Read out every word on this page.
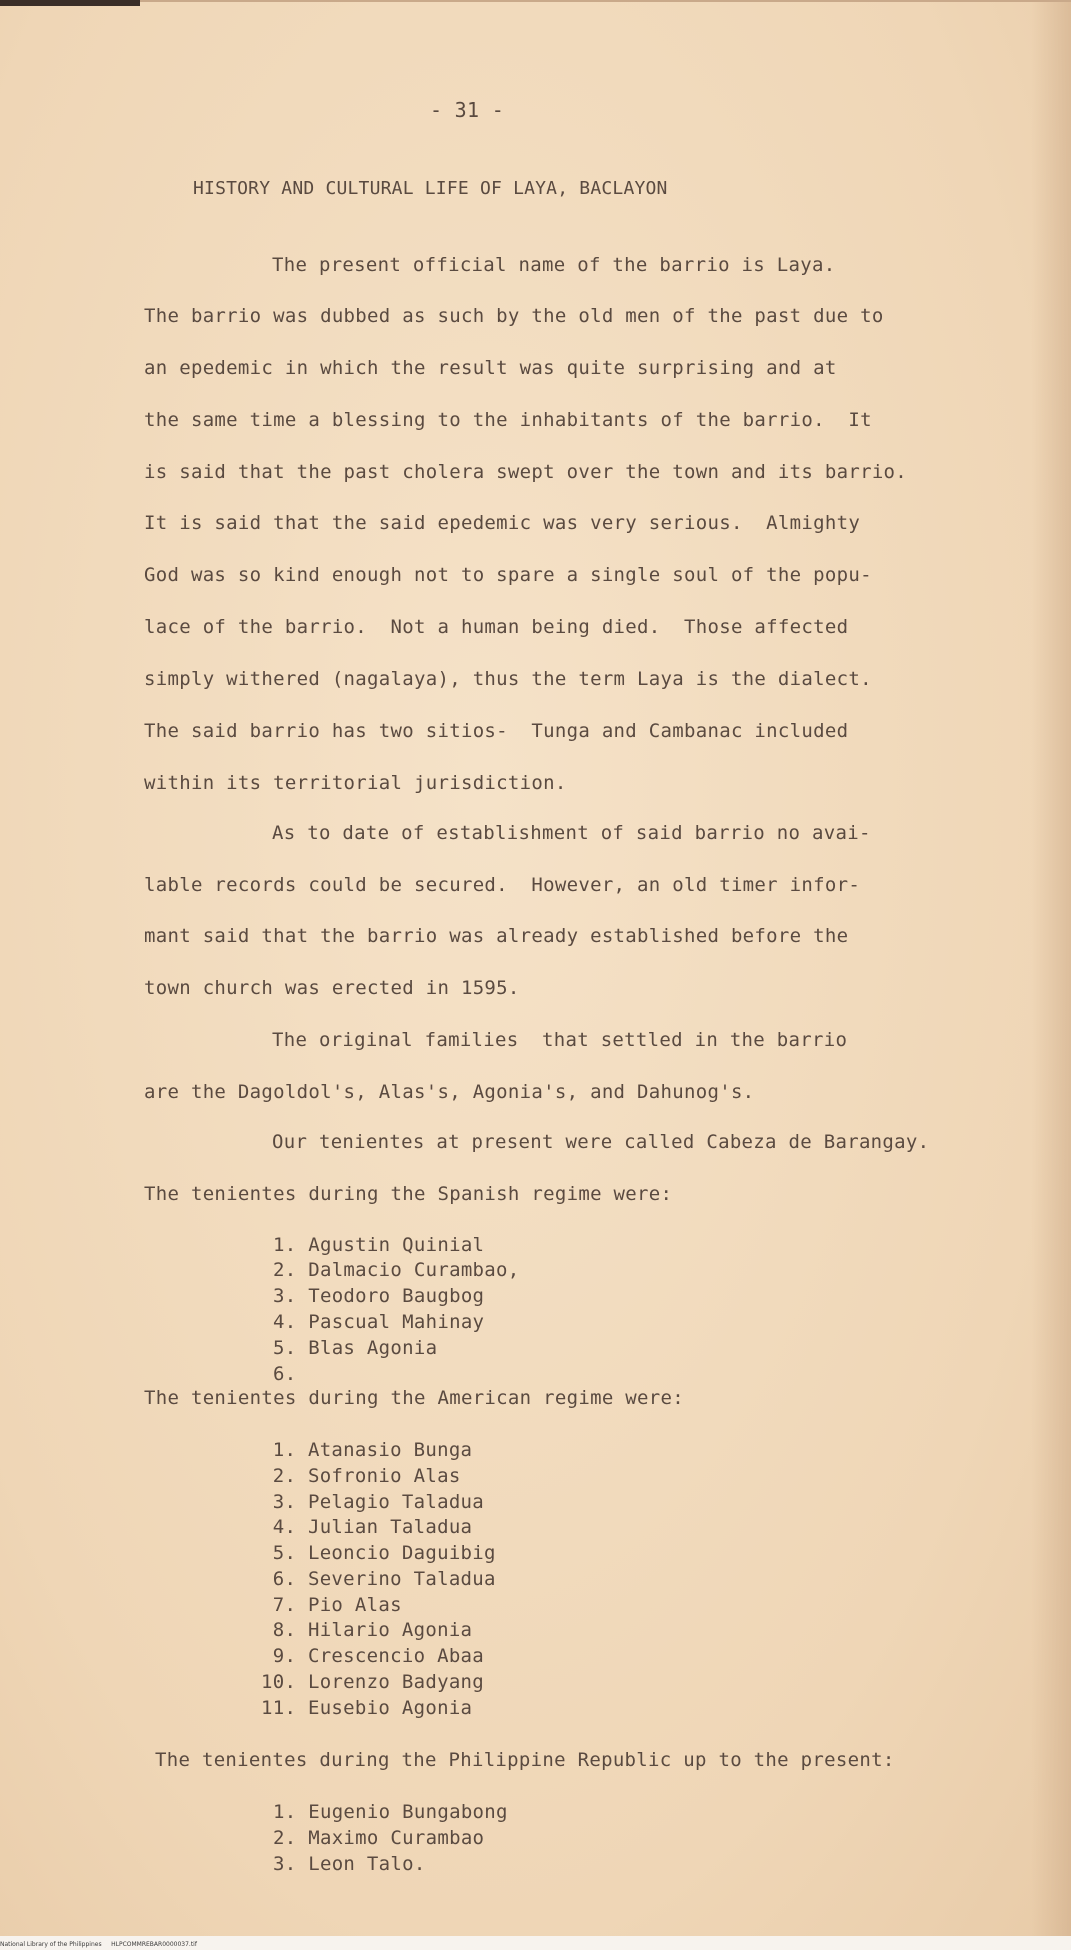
- 31 -
HISTORY AND CULTURAL LIFE OF LAYA, BACLAYON
The present official name of the barrio is Laya.
The barrio was dubbed as such by the old men of the past due to
an epedemic in which the result was quite surprising and at
the same time a blessing to the inhabitants of the barrio.  It
is said that the past cholera swept over the town and its barrio.
It is said that the said epedemic was very serious.  Almighty
God was so kind enough not to spare a single soul of the popu-
lace of the barrio.  Not a human being died.  Those affected
simply withered (nagalaya), thus the term Laya is the dialect.
The said barrio has two sitios-  Tunga and Cambanac included
within its territorial jurisdiction.
As to date of establishment of said barrio no avai-
lable records could be secured.  However, an old timer infor-
mant said that the barrio was already established before the
town church was erected in 1595.
The original families  that settled in the barrio
are the Dagoldol's, Alas's, Agonia's, and Dahunog's.
Our tenientes at present were called Cabeza de Barangay.
The tenientes during the Spanish regime were:
1. Agustin Quinial
2. Dalmacio Curambao,
3. Teodoro Baugbog
4. Pascual Mahinay
5. Blas Agonia
6.
The tenientes during the American regime were:
1. Atanasio Bunga
2. Sofronio Alas
3. Pelagio Taladua
4. Julian Taladua
5. Leoncio Daguibig
6. Severino Taladua
7. Pio Alas
8. Hilario Agonia
9. Crescencio Abaa
10. Lorenzo Badyang
11. Eusebio Agonia
The tenientes during the Philippine Republic up to the present:
1. Eugenio Bungabong
2. Maximo Curambao
3. Leon Talo.
National Library of the Philippines     HLPCOMMREBAR0000037.tif
